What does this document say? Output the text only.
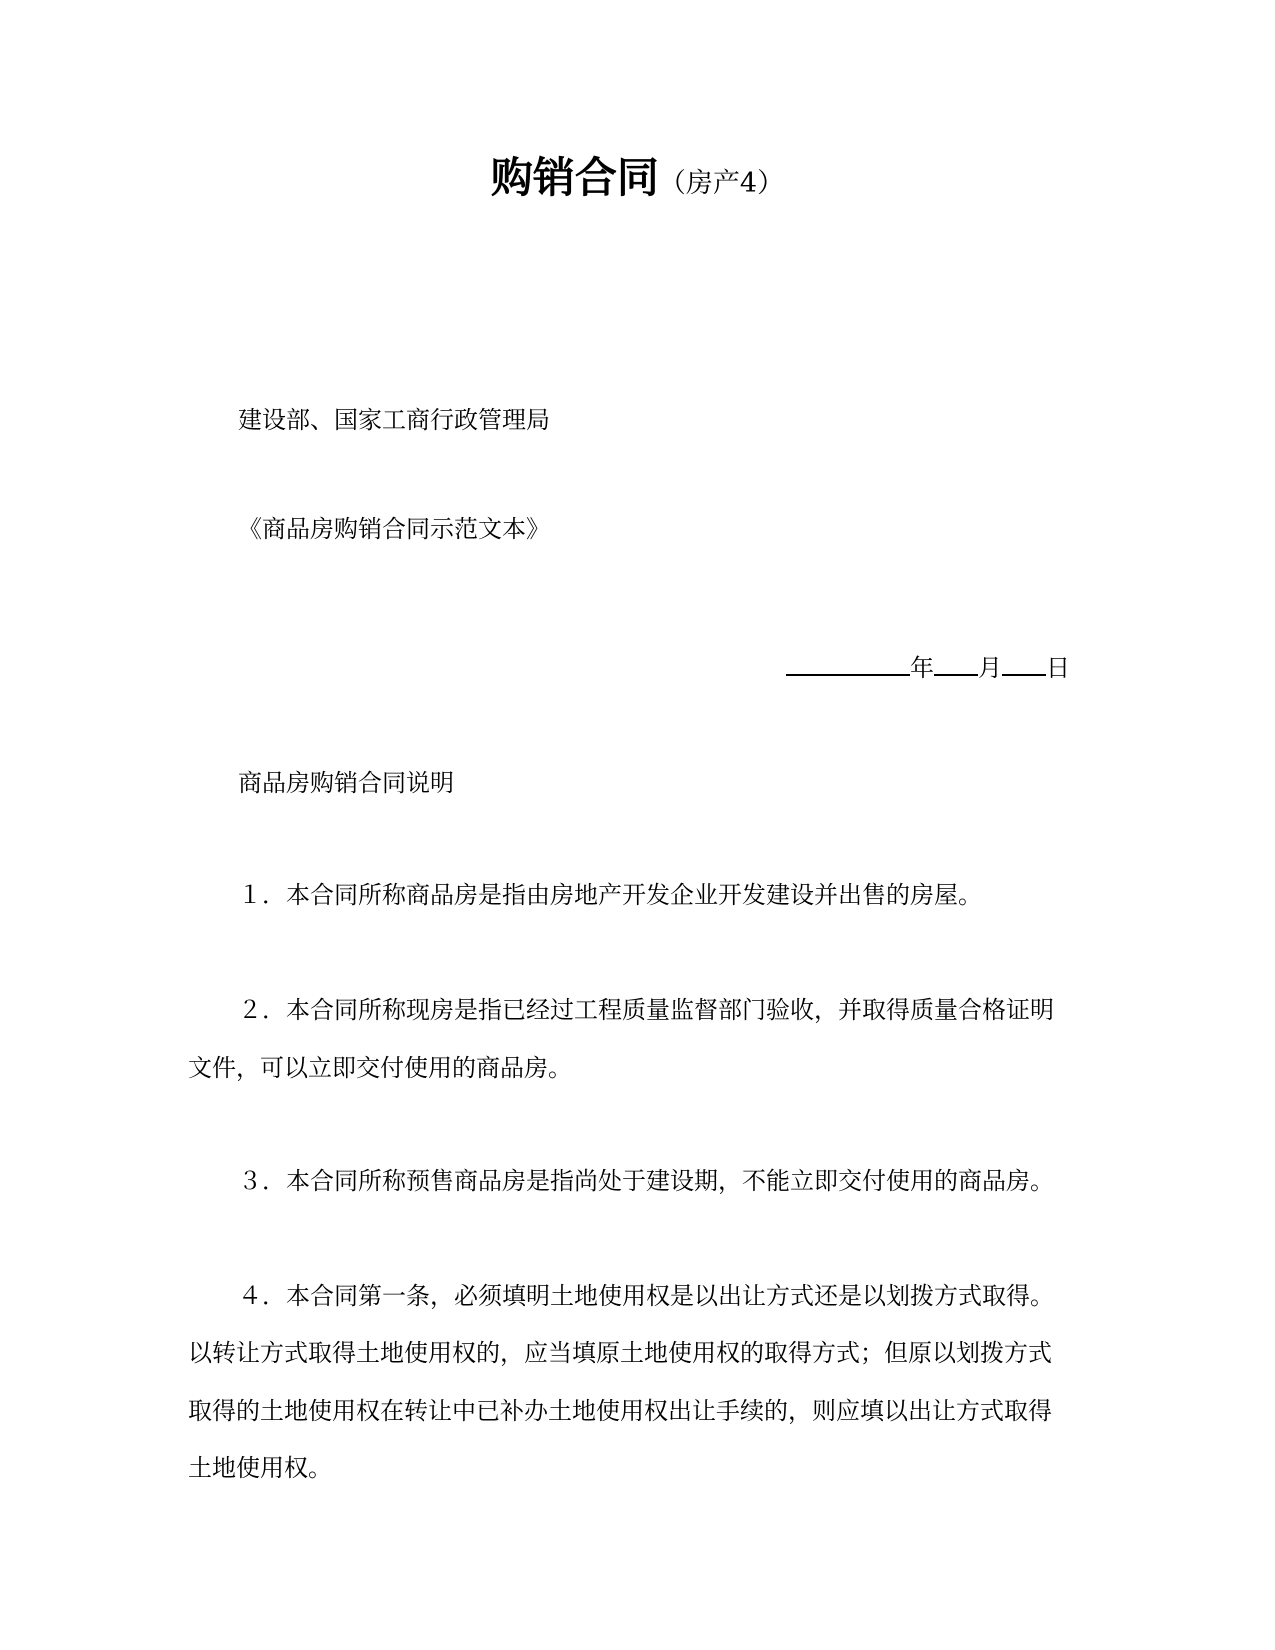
购销合同（房产4）
建设部、国家工商行政管理局
《商品房购销合同示范文本》
年 月 日
商品房购销合同说明
１．本合同所称商品房是指由房地产开发企业开发建设并出售的房屋。
２．本合同所称现房是指已经过工程质量监督部门验收，并取得质量合格证明
文件，可以立即交付使用的商品房。
３．本合同所称预售商品房是指尚处于建设期，不能立即交付使用的商品房。
４．本合同第一条，必须填明土地使用权是以出让方式还是以划拨方式取得。
以转让方式取得土地使用权的，应当填原土地使用权的取得方式；但原以划拨方式
取得的土地使用权在转让中已补办土地使用权出让手续的，则应填以出让方式取得
土地使用权。
